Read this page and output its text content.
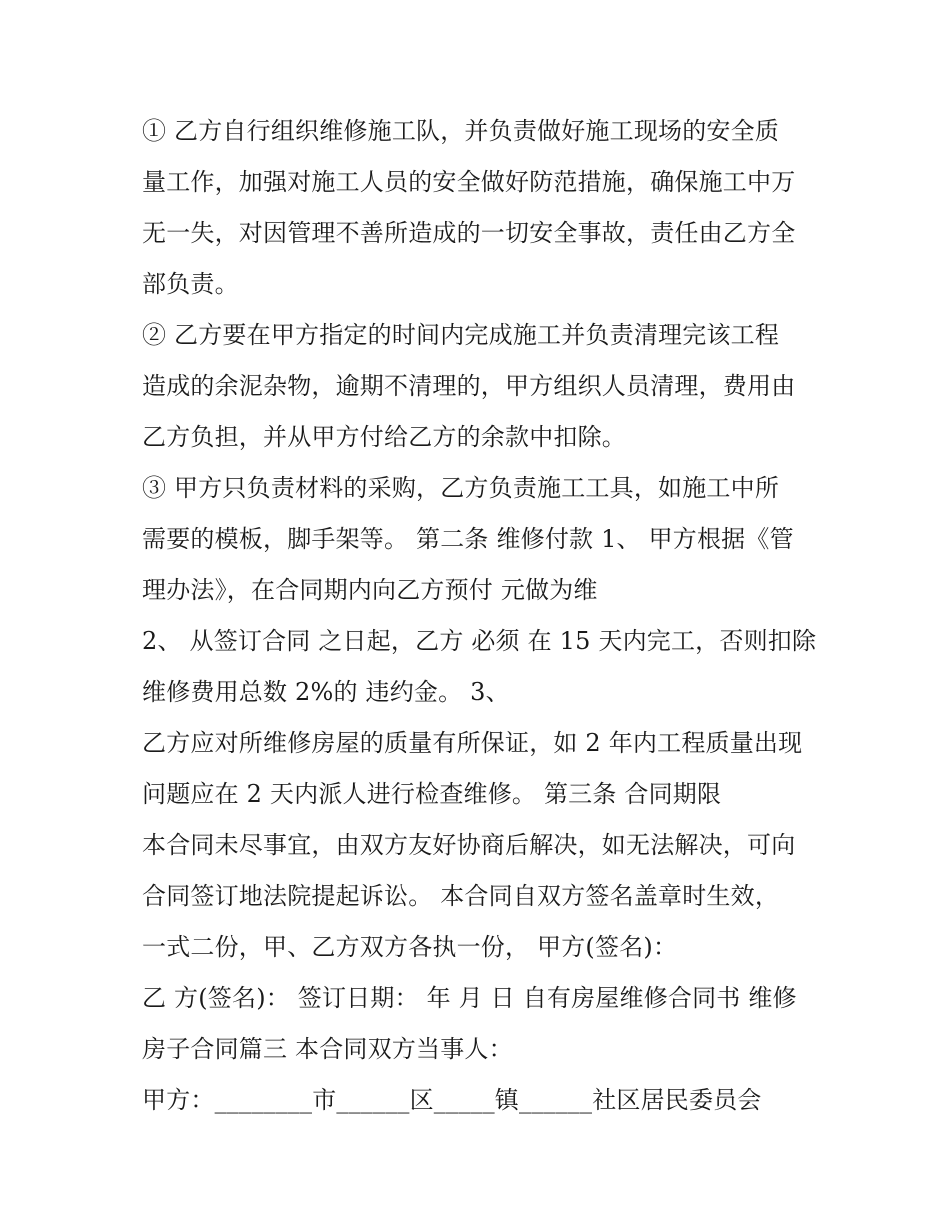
① 乙方自行组织维修施工队，并负责做好施工现场的安全质
量工作，加强对施工人员的安全做好防范措施，确保施工中万
无一失，对因管理不善所造成的一切安全事故，责任由乙方全
部负责。
② 乙方要在甲方指定的时间内完成施工并负责清理完该工程
造成的余泥杂物，逾期不清理的，甲方组织人员清理，费用由
乙方负担，并从甲方付给乙方的余款中扣除。
③ 甲方只负责材料的采购，乙方负责施工工具，如施工中所
需要的模板，脚手架等。 第二条 维修付款 1、 甲方根据《管
理办法》，在合同期内向乙方预付 元做为维
2、 从签订合同 之日起，乙方 必须 在 15 天内完工，否则扣除
维修费用总数 2%的 违约金。 3、
乙方应对所维修房屋的质量有所保证，如 2 年内工程质量出现
问题应在 2 天内派人进行检查维修。 第三条 合同期限
本合同未尽事宜，由双方友好协商后解决，如无法解决，可向
合同签订地法院提起诉讼。 本合同自双方签名盖章时生效，
一式二份，甲、乙方双方各执一份， 甲方(签名)：
乙 方(签名)： 签订日期： 年 月 日 自有房屋维修合同书 维修
房子合同篇三 本合同双方当事人：
甲方：________市______区_____镇______社区居民委员会
